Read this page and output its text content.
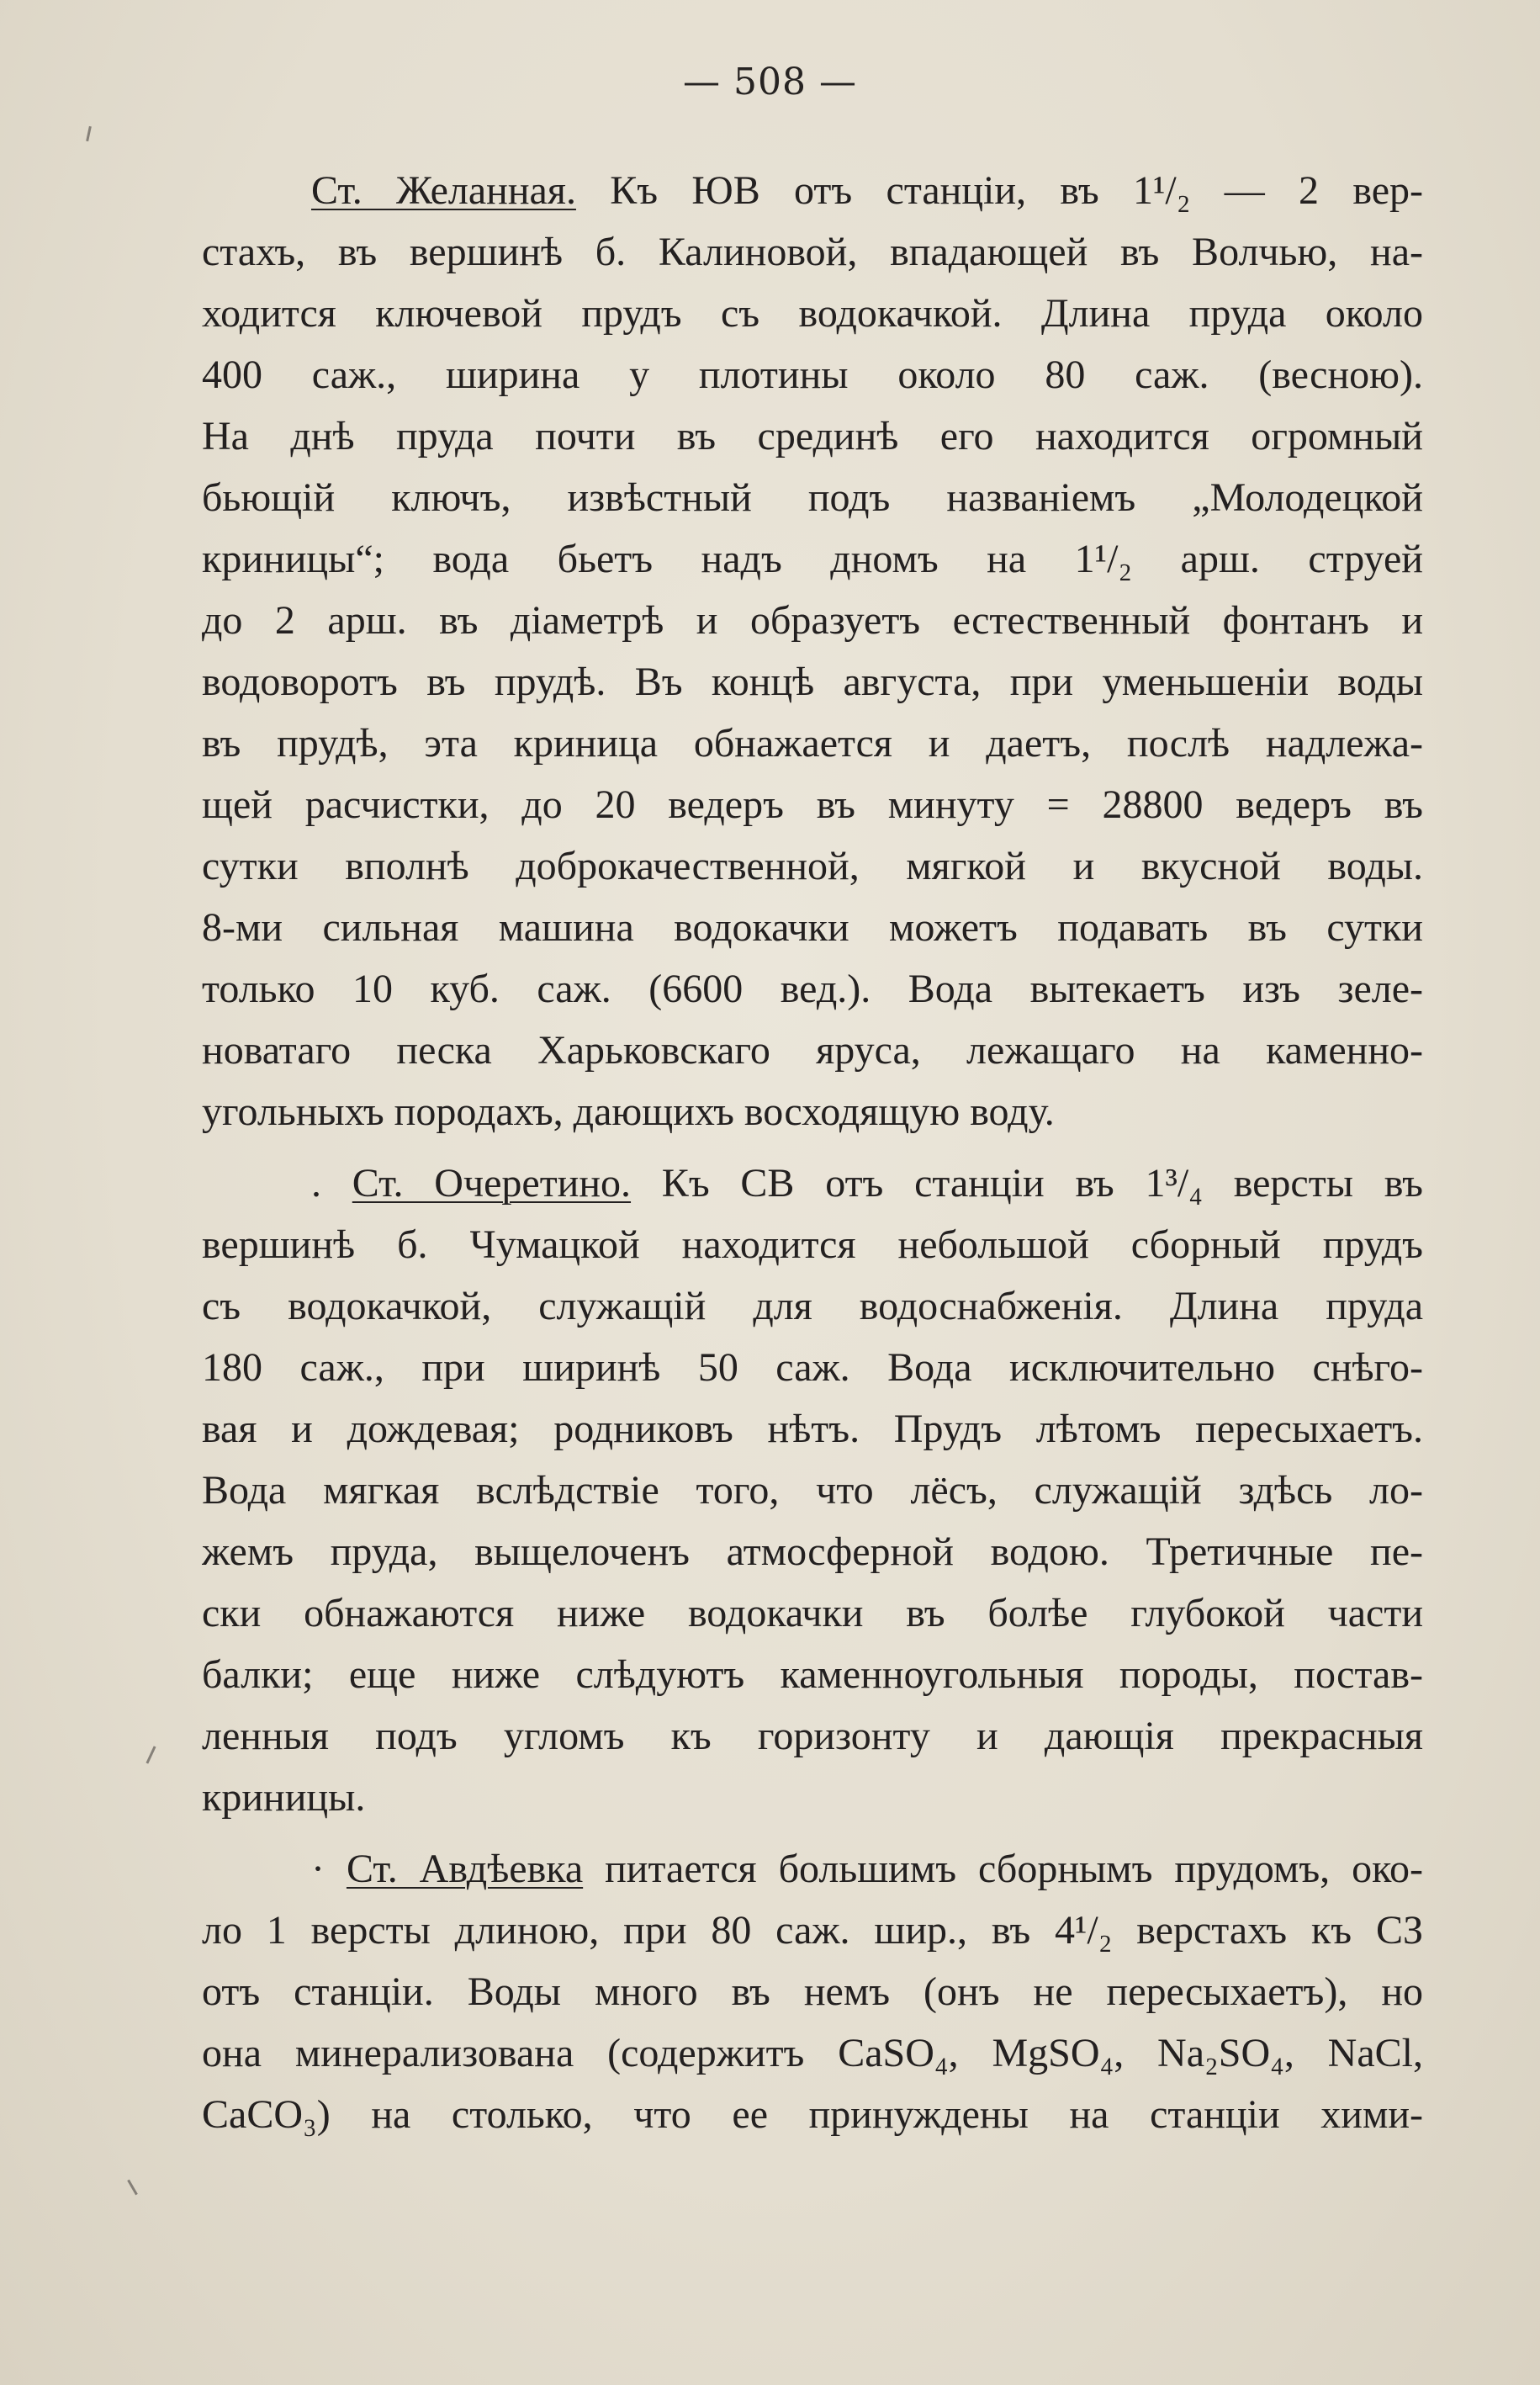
— 508 —

Ст. Желанная. Къ ЮВ отъ станціи, въ 1¹/₂ — 2 вер-
стахъ, въ вершинѣ б. Калиновой, впадающей въ Волчью, на-
ходится ключевой прудъ съ водокачкой. Длина пруда около
400 саж., ширина у плотины около 80 саж. (весною).
На днѣ пруда почти въ срединѣ его находится огромный
бьющій ключъ, извѣстный подъ названіемъ „Молодецкой
криницы“; вода бьетъ надъ дномъ на 1¹/₂ арш. струей
до 2 арш. въ діаметрѣ и образуетъ естественный фонтанъ и
водоворотъ въ прудѣ. Въ концѣ августа, при уменьшеніи воды
въ прудѣ, эта криница обнажается и даетъ, послѣ надлежа-
щей расчистки, до 20 ведеръ въ минуту = 28800 ведеръ въ
сутки вполнѣ доброкачественной, мягкой и вкусной воды.
8-ми сильная машина водокачки можетъ подавать въ сутки
только 10 куб. саж. (6600 вед.). Вода вытекаетъ изъ зеле-
новатаго песка Харьковскаго яруса, лежащаго на каменно-
угольныхъ породахъ, дающихъ восходящую воду.

. Ст. Очеретино. Къ СВ отъ станціи въ 1³/₄ версты въ
вершинѣ б. Чумацкой находится небольшой сборный прудъ
съ водокачкой, служащій для водоснабженія. Длина пруда
180 саж., при ширинѣ 50 саж. Вода исключительно снѣго-
вая и дождевая; родниковъ нѣтъ. Прудъ лѣтомъ пересыхаетъ.
Вода мягкая вслѣдствіе того, что лёсъ, служащій здѣсь ло-
жемъ пруда, выщелоченъ атмосферной водою. Третичные пе-
ски обнажаются ниже водокачки въ болѣе глубокой части
балки; еще ниже слѣдуютъ каменноугольныя породы, постав-
ленныя подъ угломъ къ горизонту и дающія прекрасныя
криницы.

· Ст. Авдѣевка питается большимъ сборнымъ прудомъ, око-
ло 1 версты длиною, при 80 саж. шир., въ 4¹/₂ верстахъ къ СЗ
отъ станціи. Воды много въ немъ (онъ не пересыхаетъ), но
она минерализована (содержитъ CaSO₄, MgSO₄, Na₂SO₄, NaCl,
CaCO₃) на столько, что ее принуждены на станціи хими-
